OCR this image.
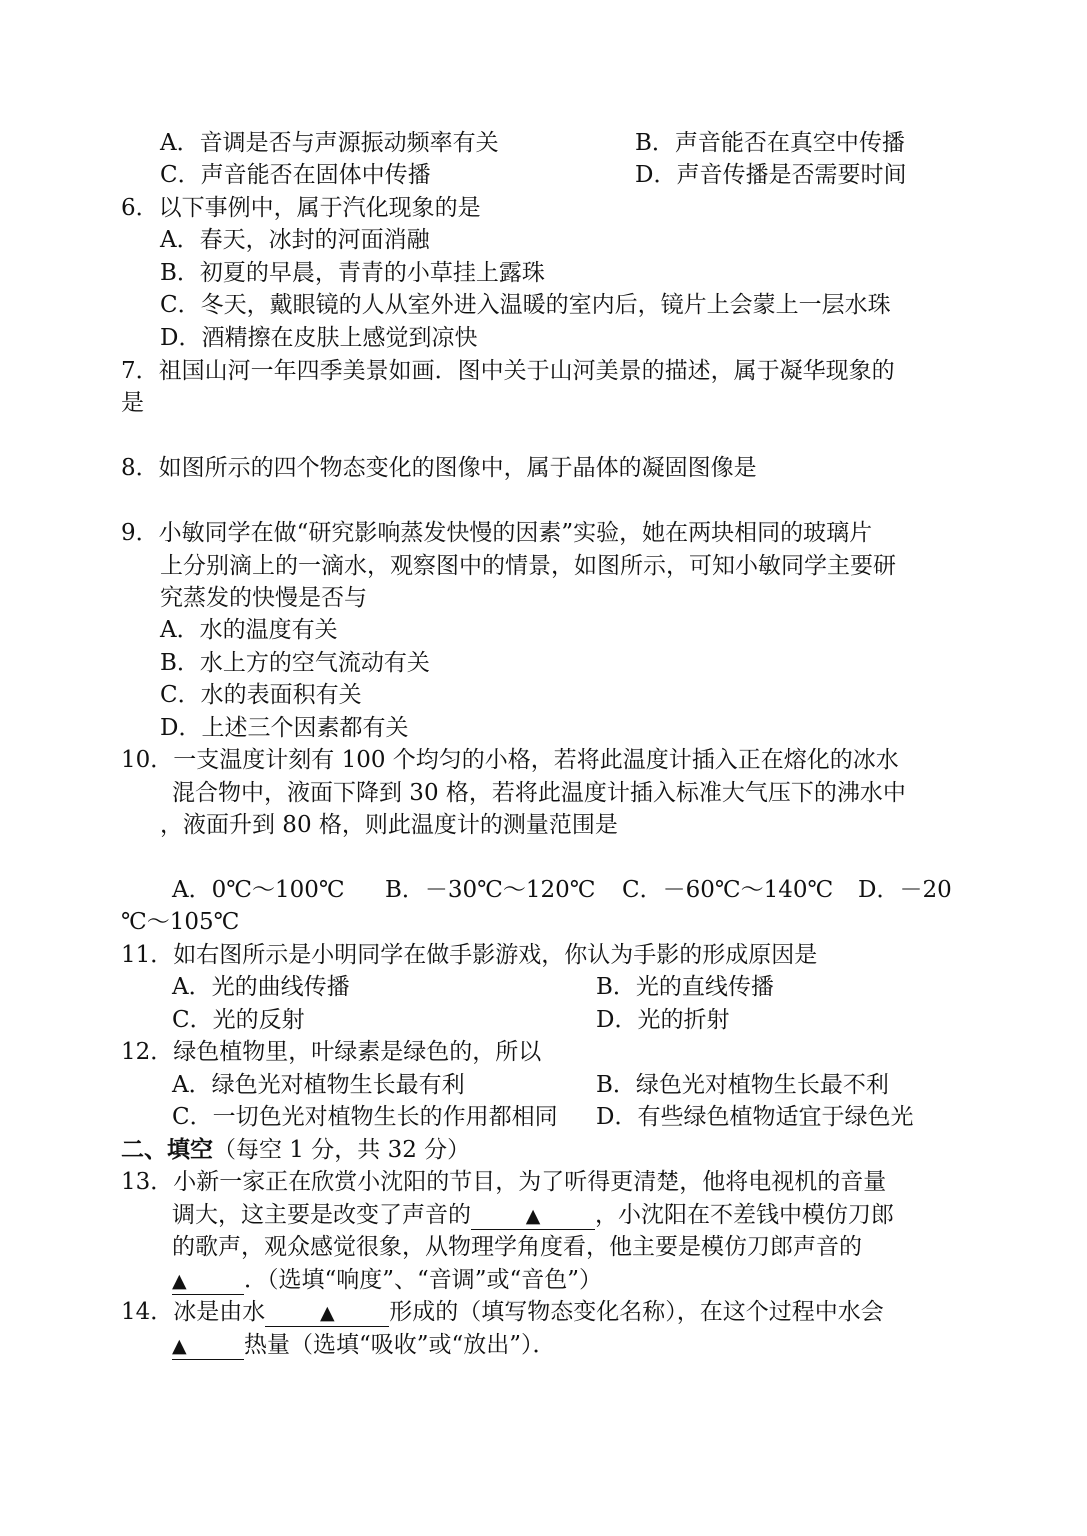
A．音调是否与声源振动频率有关	B．声音能否在真空中传播
C．声音能否在固体中传播	D．声音传播是否需要时间
6．以下事例中，属于汽化现象的是
A．春天，冰封的河面消融
B．初夏的早晨，青青的小草挂上露珠
C．冬天，戴眼镜的人从室外进入温暖的室内后，镜片上会蒙上一层水珠
D．酒精擦在皮肤上感觉到凉快
7．祖国山河一年四季美景如画．图中关于山河美景的描述，属于凝华现象的
是
8．如图所示的四个物态变化的图像中，属于晶体的凝固图像是
9．小敏同学在做“研究影响蒸发快慢的因素”实验，她在两块相同的玻璃片
上分别滴上的一滴水，观察图中的情景，如图所示，可知小敏同学主要研
究蒸发的快慢是否与
A．水的温度有关
B．水上方的空气流动有关
C．水的表面积有关
D．上述三个因素都有关
10．一支温度计刻有 100 个均匀的小格，若将此温度计插入正在熔化的冰水
混合物中，液面下降到 30 格，若将此温度计插入标准大气压下的沸水中
，液面升到 80 格，则此温度计的测量范围是
A．0℃～100℃ B．－30℃～120℃ C．－60℃～140℃ D．－20
℃～105℃
11．如右图所示是小明同学在做手影游戏，你认为手影的形成原因是
A．光的曲线传播	B．光的直线传播
C．光的反射	D．光的折射
12．绿色植物里，叶绿素是绿色的，所以
A．绿色光对植物生长最有利	B．绿色光对植物生长最不利
C．一切色光对植物生长的作用都相同 D．有些绿色植物适宜于绿色光
二、填空（每空 1 分，共 32 分）
13．小新一家正在欣赏小沈阳的节目，为了听得更清楚，他将电视机的音量
调大，这主要是改变了声音的	▲ ，小沈阳在不差钱中模仿刀郎
的歌声，观众感觉很象，从物理学角度看，他主要是模仿刀郎声音的
▲ ．（选填“响度”、“音调”或“音色”）
14．冰是由水	▲ 形成的（填写物态变化名称），在这个过程中水会
▲ 热量（选填“吸收”或“放出”）．
